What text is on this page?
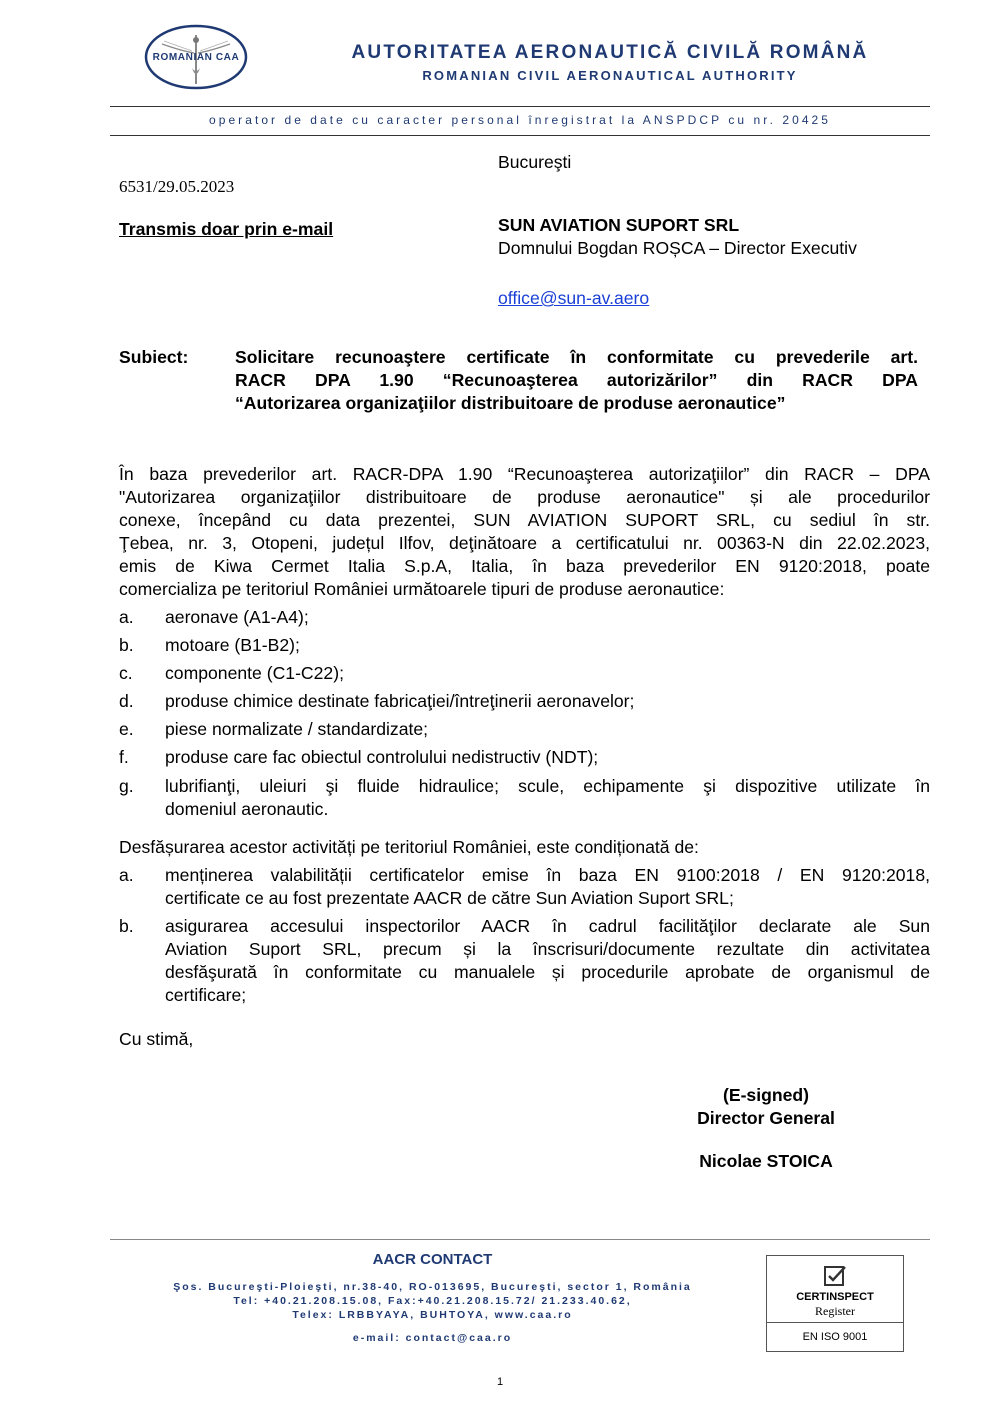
ROMANIAN CAA	AUTORITATEA AERONAUTICĂ CIVILĂ ROMÂNĂ
ROMANIAN CIVIL AERONAUTICAL AUTHORITY
operator de date cu caracter personal înregistrat la ANSPDCP cu nr. 20425
Bucureşti
6531/29.05.2023
Transmis doar prin e-mail	SUN AVIATION SUPORT SRL
Domnului Bogdan ROȘCA – Director Executiv
office@sun-av.aero
Subiect:	Solicitare recunoaştere certificate în conformitate cu prevederile art.
RACR DPA 1.90 “Recunoaşterea autorizărilor” din RACR DPA
“Autorizarea organizaţiilor distribuitoare de produse aeronautice”
În baza prevederilor art. RACR-DPA 1.90 “Recunoaşterea autorizaţiilor” din RACR – DPA
"Autorizarea organizaţiilor distribuitoare de produse aeronautice" și ale procedurilor
conexe, începând cu data prezentei, SUN AVIATION SUPORT SRL, cu sediul în str.
Ţebea, nr. 3, Otopeni, județul Ilfov, deţinătoare a certificatului nr. 00363-N din 22.02.2023,
emis de Kiwa Cermet Italia S.p.A, Italia, în baza prevederilor EN 9120:2018, poate
comercializa pe teritoriul României următoarele tipuri de produse aeronautice:
a. aeronave (A1-A4);
b. motoare (B1-B2);
c. componente (C1-C22);
d. produse chimice destinate fabricaţiei/întreţinerii aeronavelor;
e. piese normalizate / standardizate;
f. produse care fac obiectul controlului nedistructiv (NDT);
g. lubrifianţi, uleiuri şi fluide hidraulice; scule, echipamente şi dispozitive utilizate în
domeniul aeronautic.
Desfășurarea acestor activități pe teritoriul României, este condiționată de:
a. menținerea valabilității certificatelor emise în baza EN 9100:2018 / EN 9120:2018,
certificate ce au fost prezentate AACR de către Sun Aviation Suport SRL;
b. asigurarea accesului inspectorilor AACR în cadrul facilităţilor declarate ale Sun
Aviation Suport SRL, precum și la înscrisuri/documente rezultate din activitatea
desfăşurată în conformitate cu manualele și procedurile aprobate de organismul de
certificare;
Cu stimă,
(E-signed)
Director General
Nicolae STOICA
AACR CONTACT
Şos. Bucureşti-Ploieşti, nr.38-40, RO-013695, Bucureşti, sector 1, România
Tel: +40.21.208.15.08, Fax:+40.21.208.15.72/ 21.233.40.62,
Telex: LRBBYAYA, BUHTOYA, www.caa.ro
e-mail: contact@caa.ro
CERTINSPECT
Register
EN ISO 9001
1
